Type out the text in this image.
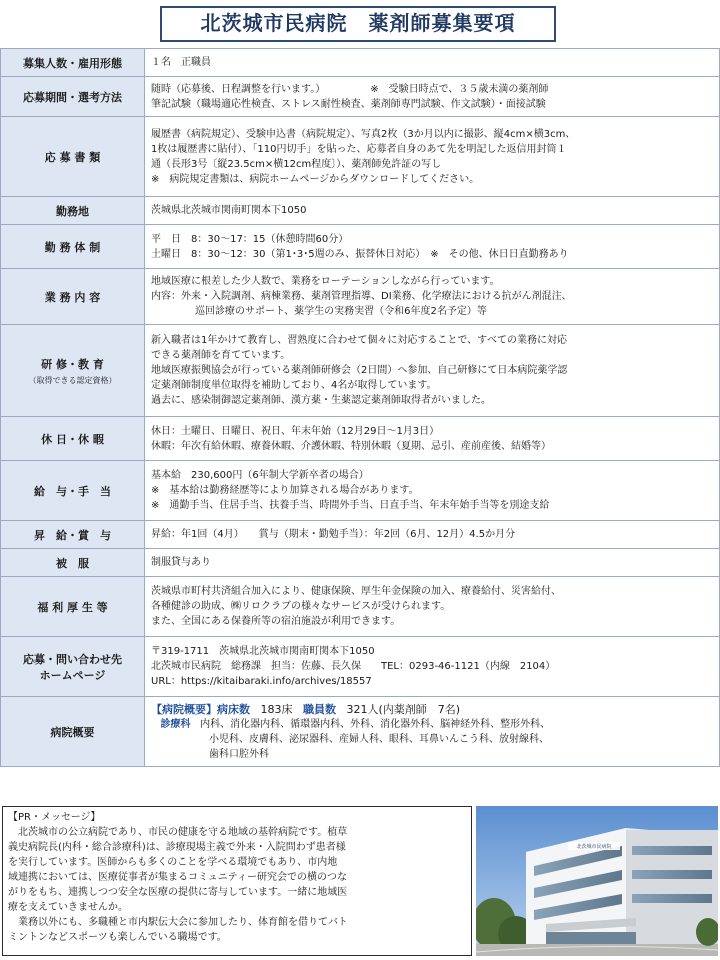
北茨城市民病院　薬剤師募集要項
募集人数・雇用形態	１名　正職員

応募期間・選考方法	随時（応募後、日程調整を行います。）　　　　　※　受験日時点で、３５歳未満の薬剤師
筆記試験（職場適応性検査、ストレス耐性検査、薬剤師専門試験、作文試験）・面接試験

応 募 書 類	履歴書（病院規定）、受験申込書（病院規定）、写真2枚（3か月以内に撮影、縦4cm×横3cm、
1枚は履歴書に貼付）、「110円切手」を貼った、応募者自身のあて先を明記した返信用封筒１
通（長形3号〔縦23.5cm×横12cm程度〕）、薬剤師免許証の写し
※　病院規定書類は、病院ホームページからダウンロードしてください。

勤務地	茨城県北茨城市関南町関本下1050

勤 務 体 制	平　日　8：30～17：15（休憩時間60分）
土曜日　8：30～12：30（第1･3･5週のみ、振替休日対応）　※　その他、休日日直勤務あり

業 務 内 容	地域医療に根差した少人数で、業務をローテーションしながら行っています。
内容：外来・入院調剤、病棟業務、薬剤管理指導、DI業務、化学療法における抗がん剤混注、
巡回診療のサポート、薬学生の実務実習（令和6年度2名予定）等

研 修・教 育
（取得できる認定資格）	新入職者は1年かけて教育し、習熟度に合わせて個々に対応することで、すべての業務に対応
できる薬剤師を育てています。
地域医療振興協会が行っている薬剤師研修会（2日間）へ参加、自己研修にて日本病院薬学認
定薬剤師制度単位取得を補助しており、4名が取得しています。
過去に、感染制御認定薬剤師、漢方薬・生薬認定薬剤師取得者がいました。

休 日・休 暇	休日：土曜日、日曜日、祝日、年末年始（12月29日～1月3日）
休暇：年次有給休暇、療養休暇、介護休暇、特別休暇（夏期、忌引、産前産後、結婚等）

給　与・手　当	基本給　230,600円（6年制大学新卒者の場合）
※　基本給は勤務経歴等により加算される場合があります。
※　通勤手当、住居手当、扶養手当、時間外手当、日直手当、年末年始手当等を別途支給

昇　給・賞　与	昇給：年1回（4月）　　賞与（期末・勤勉手当）：年2回（6月、12月）4.5か月分

被　服	制服貸与あり

福 利 厚 生 等	茨城県市町村共済組合加入により、健康保険、厚生年金保険の加入、療養給付、災害給付、
各種健診の助成、㈱リロクラブの様々なサービスが受けられます。
また、全国にある保養所等の宿泊施設が利用できます。

応募・問い合わせ先
ホームページ	〒319-1711　茨城県北茨城市関南町関本下1050
北茨城市民病院　総務課　担当：佐藤、長久保　　TEL：0293-46-1121（内線　2104）
URL：https://kitaibaraki.info/archives/18557

病院概要	【病院概要】病床数 183床 職員数 321人(内薬剤師　7名)
診療科 内科、消化器内科、循環器内科、外科、消化器外科、脳神経外科、整形外科、
小児科、皮膚科、泌尿器科、産婦人科、眼科、耳鼻いんこう科、放射線科、
歯科口腔外科
【PR・メッセージ】
　北茨城市の公立病院であり、市民の健康を守る地域の基幹病院です。植草
義史病院長(内科・総合診療科)は、診療現場主義で外来・入院問わず患者様
を実行しています。医師からも多くのことを学べる環境でもあり、市内地
域連携においては、医療従事者が集まるコミュニティー研究会での横のつな
がりをもち、連携しつつ安全な医療の提供に寄与しています。一緒に地域医
療を支えていきませんか。
　業務以外にも、多職種と市内駅伝大会に参加したり、体育館を借りてバト
ミントンなどスポーツも楽しんでいる職場です。
北茨城市民病院
